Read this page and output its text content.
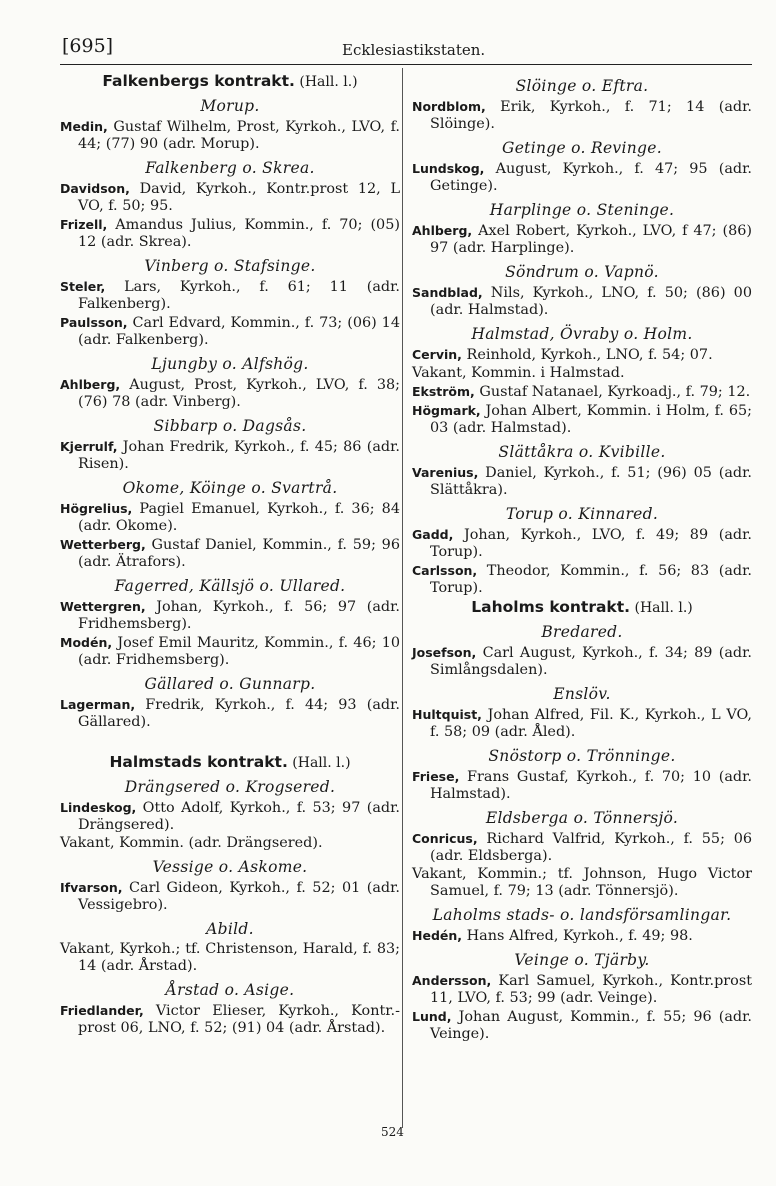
[695]	Ecklesiastikstaten.
Falkenbergs kontrakt. (Hall. l.)
Morup.
Medin, Gustaf Wilhelm, Prost, Kyrkoh., LVO, f. 44; (77) 90 (adr. Morup).
Falkenberg o. Skrea.
Davidson, David, Kyrkoh., Kontr.prost 12, L VO, f. 50; 95.
Frizell, Amandus Julius, Kommin., f. 70; (05) 12 (adr. Skrea).
Vinberg o. Stafsinge.
Steler, Lars, Kyrkoh., f. 61; 11 (adr. Falkenberg).
Paulsson, Carl Edvard, Kommin., f. 73; (06) 14 (adr. Falkenberg).
Ljungby o. Alfshög.
Ahlberg, August, Prost, Kyrkoh., LVO, f. 38; (76) 78 (adr. Vinberg).
Sibbarp o. Dagsås.
Kjerrulf, Johan Fredrik, Kyrkoh., f. 45; 86 (adr. Risen).
Okome, Köinge o. Svartrå.
Högrelius, Pagiel Emanuel, Kyrkoh., f. 36; 84 (adr. Okome).
Wetterberg, Gustaf Daniel, Kommin., f. 59; 96 (adr. Ätrafors).
Fagerred, Källsjö o. Ullared.
Wettergren, Johan, Kyrkoh., f. 56; 97 (adr. Fridhemsberg).
Modén, Josef Emil Mauritz, Kommin., f. 46; 10 (adr. Fridhemsberg).
Gällared o. Gunnarp.
Lagerman, Fredrik, Kyrkoh., f. 44; 93 (adr. Gällared).
Halmstads kontrakt. (Hall. l.)
Drängsered o. Krogsered.
Lindeskog, Otto Adolf, Kyrkoh., f. 53; 97 (adr. Drängsered).
Vakant, Kommin. (adr. Drängsered).
Vessige o. Askome.
Ifvarson, Carl Gideon, Kyrkoh., f. 52; 01 (adr. Vessigebro).
Abild.
Vakant, Kyrkoh.; tf. Christenson, Harald, f. 83; 14 (adr. Årstad).
Årstad o. Asige.
Friedlander, Victor Elieser, Kyrkoh., Kontr.-prost 06, LNO, f. 52; (91) 04 (adr. Årstad).
Slöinge o. Eftra.
Nordblom, Erik, Kyrkoh., f. 71; 14 (adr. Slöinge).
Getinge o. Revinge.
Lundskog, August, Kyrkoh., f. 47; 95 (adr. Getinge).
Harplinge o. Steninge.
Ahlberg, Axel Robert, Kyrkoh., LVO, f 47; (86) 97 (adr. Harplinge).
Söndrum o. Vapnö.
Sandblad, Nils, Kyrkoh., LNO, f. 50; (86) 00 (adr. Halmstad).
Halmstad, Övraby o. Holm.
Cervin, Reinhold, Kyrkoh., LNO, f. 54; 07.
Vakant, Kommin. i Halmstad.
Ekström, Gustaf Natanael, Kyrkoadj., f. 79; 12.
Högmark, Johan Albert, Kommin. i Holm, f. 65; 03 (adr. Halmstad).
Slättåkra o. Kvibille.
Varenius, Daniel, Kyrkoh., f. 51; (96) 05 (adr. Slättåkra).
Torup o. Kinnared.
Gadd, Johan, Kyrkoh., LVO, f. 49; 89 (adr. Torup).
Carlsson, Theodor, Kommin., f. 56; 83 (adr. Torup).
Laholms kontrakt. (Hall. l.)
Bredared.
Josefson, Carl August, Kyrkoh., f. 34; 89 (adr. Simlångsdalen).
Enslöv.
Hultquist, Johan Alfred, Fil. K., Kyrkoh., L VO, f. 58; 09 (adr. Åled).
Snöstorp o. Trönninge.
Friese, Frans Gustaf, Kyrkoh., f. 70; 10 (adr. Halmstad).
Eldsberga o. Tönnersjö.
Conricus, Richard Valfrid, Kyrkoh., f. 55; 06 (adr. Eldsberga).
Vakant, Kommin.; tf. Johnson, Hugo Victor Samuel, f. 79; 13 (adr. Tönnersjö).
Laholms stads- o. landsförsamlingar.
Hedén, Hans Alfred, Kyrkoh., f. 49; 98.
Veinge o. Tjärby.
Andersson, Karl Samuel, Kyrkoh., Kontr.prost 11, LVO, f. 53; 99 (adr. Veinge).
Lund, Johan August, Kommin., f. 55; 96 (adr. Veinge).
524
